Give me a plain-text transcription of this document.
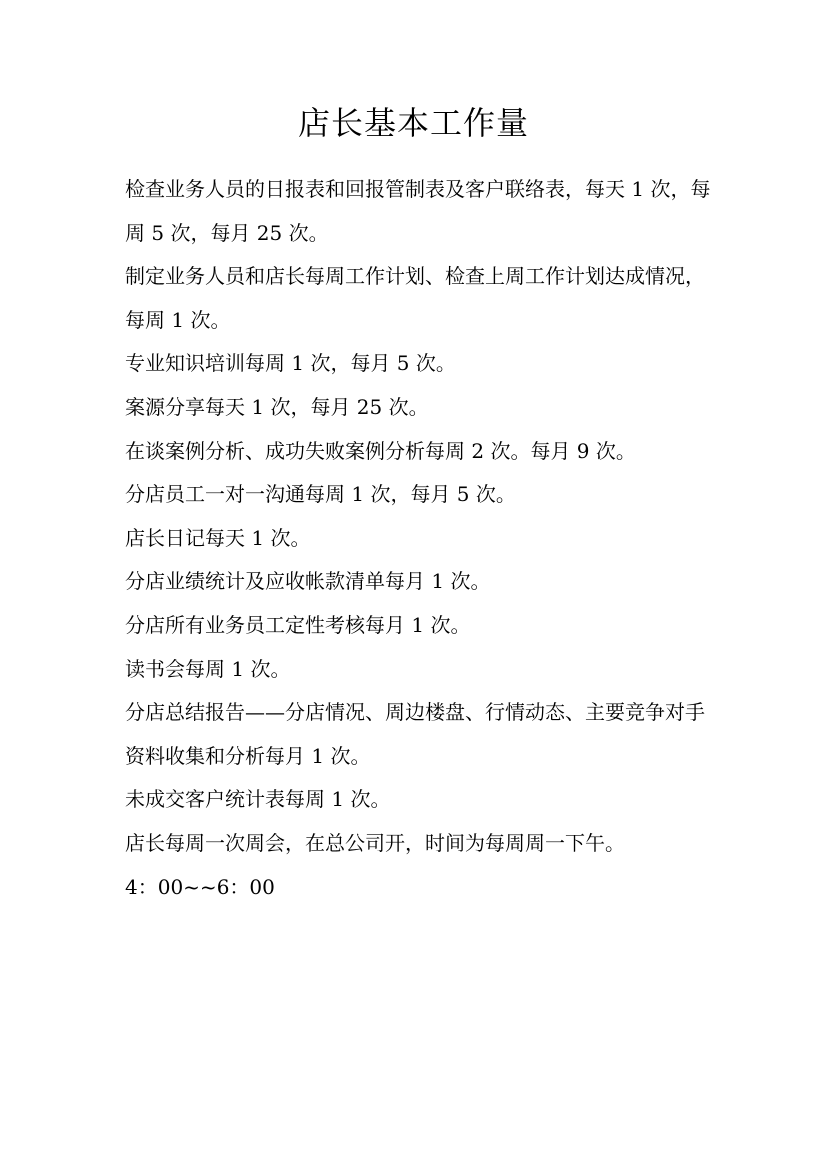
店长基本工作量

检查业务人员的日报表和回报管制表及客户联络表，每天 1 次，每周 5 次，每月 25 次。

制定业务人员和店长每周工作计划、检查上周工作计划达成情况，每周 1 次。

专业知识培训每周 1 次，每月 5 次。

案源分享每天 1 次，每月 25 次。

在谈案例分析、成功失败案例分析每周 2 次。每月 9 次。

分店员工一对一沟通每周 1 次，每月 5 次。

店长日记每天 1 次。

分店业绩统计及应收帐款清单每月 1 次。

分店所有业务员工定性考核每月 1 次。

读书会每周 1 次。

分店总结报告——分店情况、周边楼盘、行情动态、主要竞争对手资料收集和分析每月 1 次。

未成交客户统计表每周 1 次。

店长每周一次周会，在总公司开，时间为每周周一下午。

4：00~~6：00
